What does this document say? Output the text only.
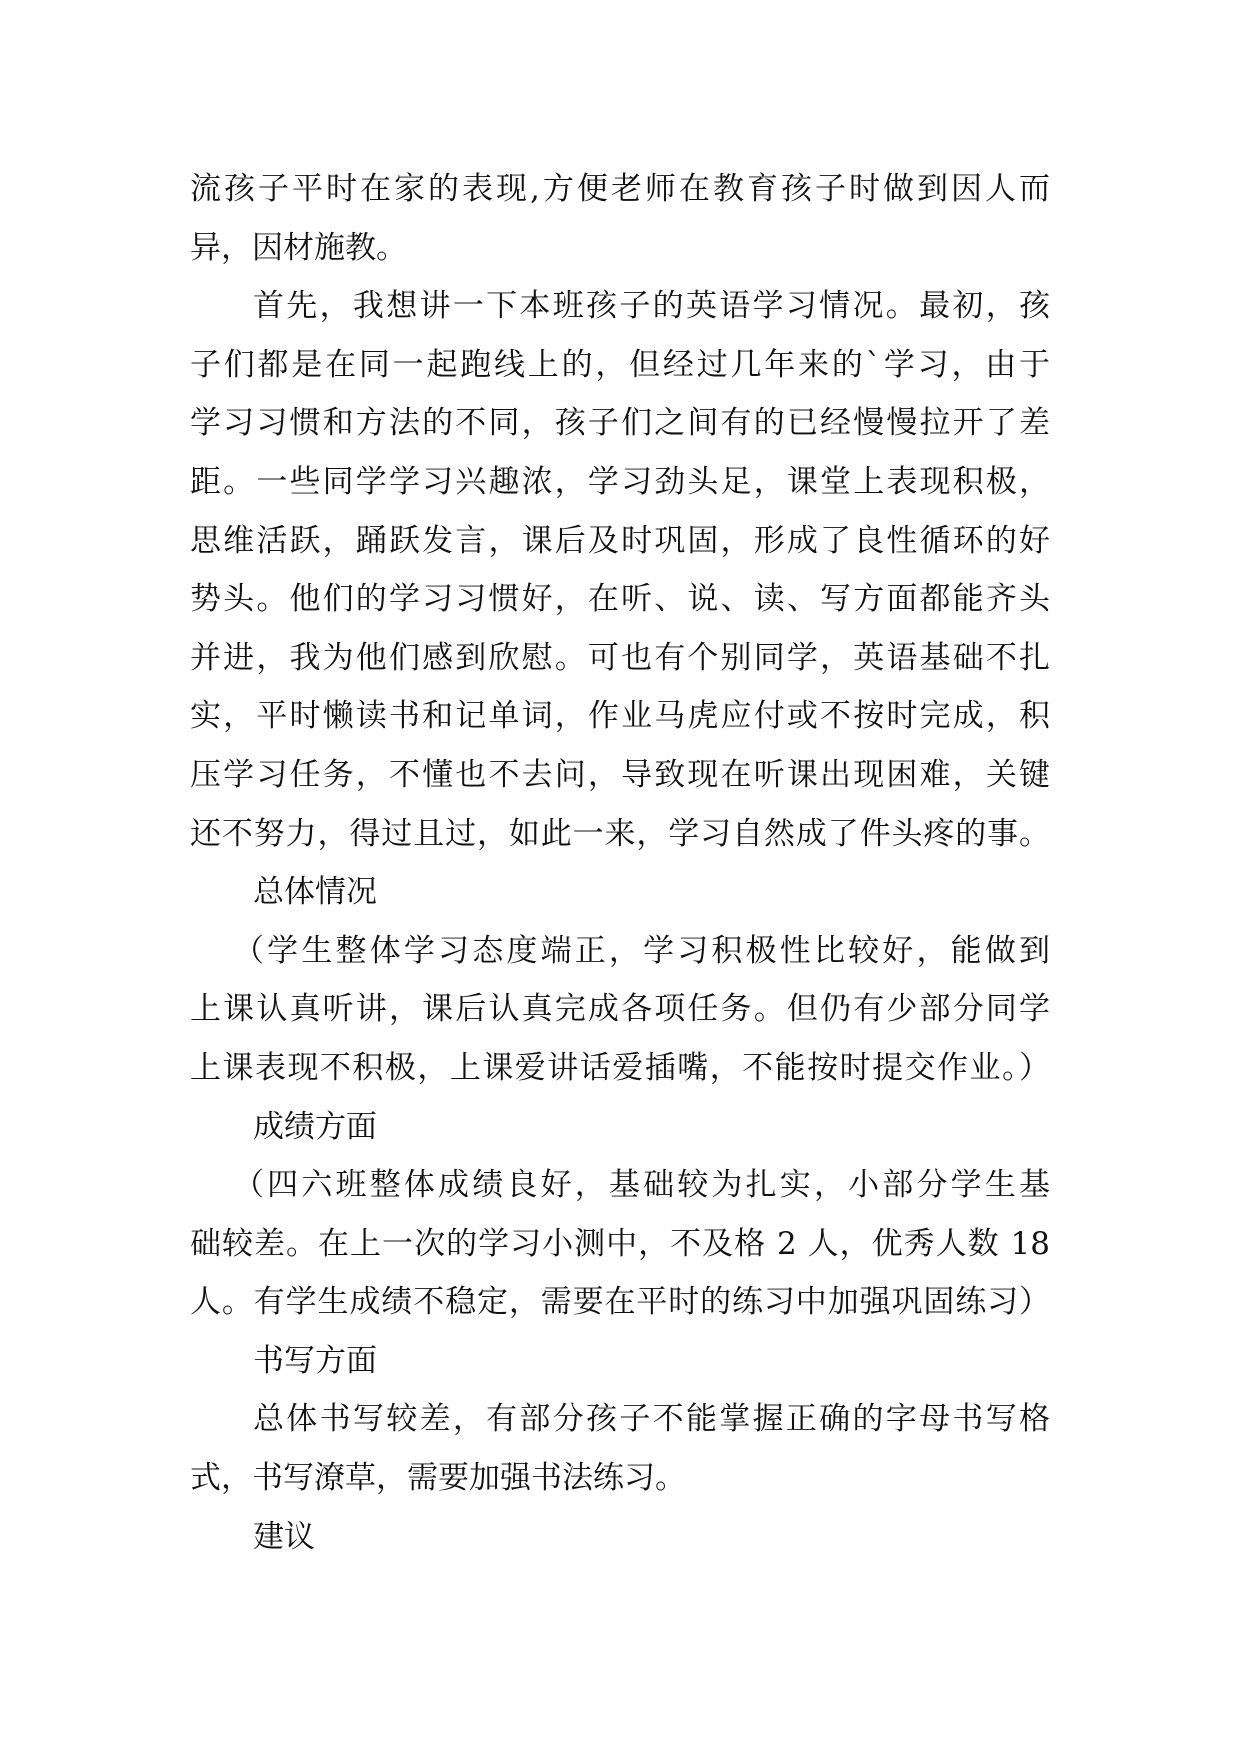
流孩子平时在家的表现,方便老师在教育孩子时做到因人而
异，因材施教。
首先，我想讲一下本班孩子的英语学习情况。最初，孩
子们都是在同一起跑线上的，但经过几年来的`学习，由于
学习习惯和方法的不同，孩子们之间有的已经慢慢拉开了差
距。一些同学学习兴趣浓，学习劲头足，课堂上表现积极，
思维活跃，踊跃发言，课后及时巩固，形成了良性循环的好
势头。他们的学习习惯好，在听、说、读、写方面都能齐头
并进，我为他们感到欣慰。可也有个别同学，英语基础不扎
实，平时懒读书和记单词，作业马虎应付或不按时完成，积
压学习任务，不懂也不去问，导致现在听课出现困难，关键
还不努力，得过且过，如此一来，学习自然成了件头疼的事。
总体情况
（学生整体学习态度端正，学习积极性比较好，能做到
上课认真听讲，课后认真完成各项任务。但仍有少部分同学
上课表现不积极，上课爱讲话爱插嘴，不能按时提交作业。）
成绩方面
（四六班整体成绩良好，基础较为扎实，小部分学生基
础较差。在上一次的学习小测中，不及格 2 人，优秀人数 18
人。有学生成绩不稳定，需要在平时的练习中加强巩固练习）
书写方面
总体书写较差，有部分孩子不能掌握正确的字母书写格
式，书写潦草，需要加强书法练习。
建议
